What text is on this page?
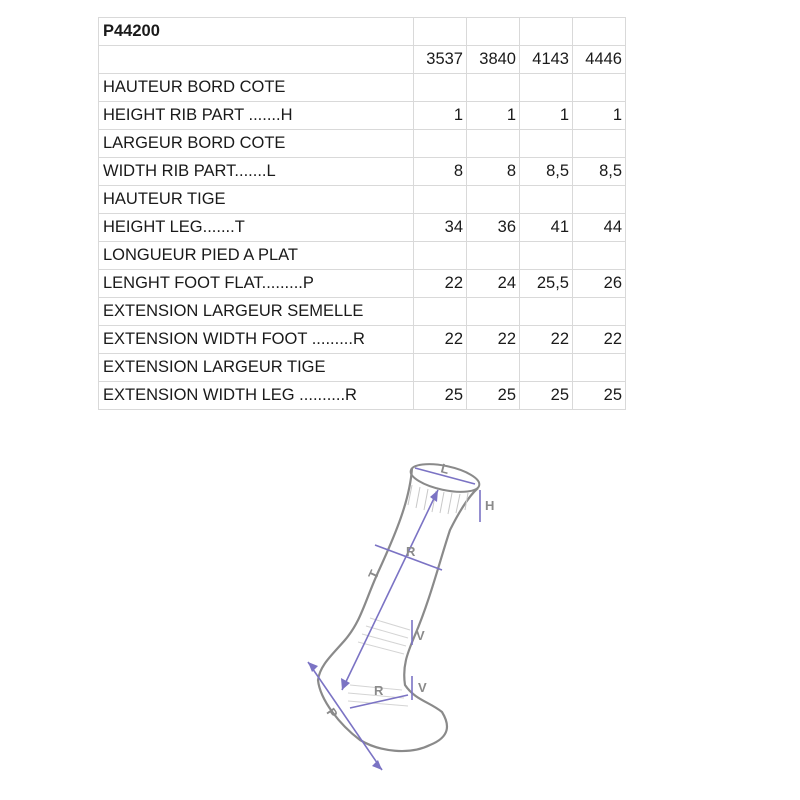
P44200				
	3537	3840	4143	4446
HAUTEUR BORD COTE				
HEIGHT RIB PART .......H	1	1	1	1
LARGEUR BORD COTE				
WIDTH RIB PART.......L	8	8	8,5	8,5
HAUTEUR TIGE				
HEIGHT LEG.......T	34	36	41	44
LONGUEUR PIED A PLAT				
LENGHT FOOT FLAT.........P	22	24	25,5	26
EXTENSION LARGEUR SEMELLE				
EXTENSION WIDTH FOOT .........R	22	22	22	22
EXTENSION LARGEUR TIGE				
EXTENSION WIDTH LEG ..........R	25	25	25	25
L
H
R
T
V
R	V
P
